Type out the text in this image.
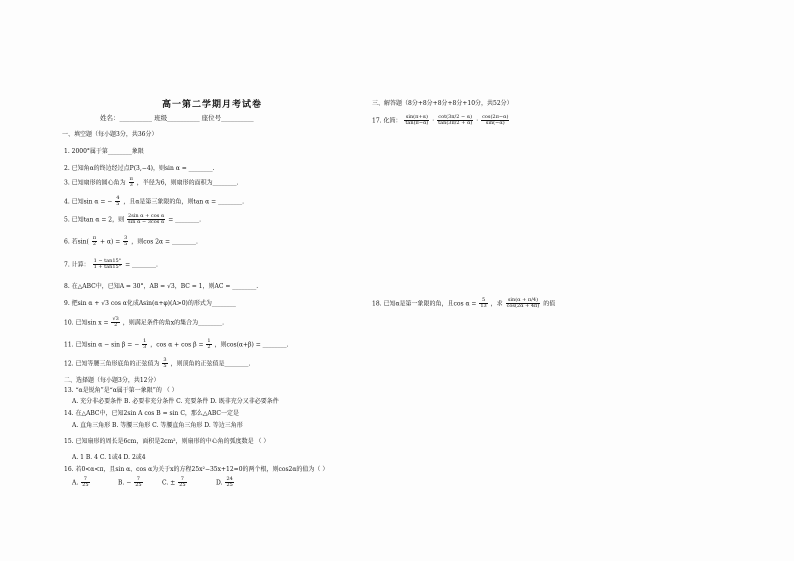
高一第二学期月考试卷
姓名：__________ 班级__________ 座位号__________
一、填空题（每小题3分，共36分）
1. 2000°属于第________象限
2. 已知角α的终边经过点P(3,−4)，则sin α = ________.
3. 已知扇形的圆心角为 $\frac{\pi}{3}$ ，半径为6，则扇形的面积为________.
4. 已知sin α = − $\frac{4}{5}$ ，且α是第三象限的角，则tan α = ________.
5. 已知tan α = 2，则 $\frac{\text{2sin α + cos α}}{\text{sin α − 3cos α}}$ = ________.
6. 若$\sin( \frac{\pi}{2} + \alpha) = \frac{3}{5}$ ，则cos 2α = ________.
7. 计算： $\frac{1 - \tan 15^\circ}{1 + \tan 15^\circ}$ = ________.
8. 在△ABC中，已知A = 30°，AB = √3，BC = 1，则AC = ________.
9. 把sin α + √3 cos α化成Asin(α+φ)(A>0)的形式为________
10. 已知$\sin x = \frac{√3}{2}$ ，则满足条件的角x的集合为________.
11. 已知sin α − sin β = − $\frac{1}{3}$ ，$\cos \alpha + \cos \beta = \frac{1}{2}$ ，则cos(α+β) = ________.
12. 已知等腰三角形底角的正弦值为 $\frac{3}{5}$ ，则顶角的正弦值是________.
二、选择题（每小题3分，共12分）
13. “α是锐角”是“α属于第一象限”的 （ ）
A. 充分非必要条件 B. 必要非充分条件 C. 充要条件 D. 既非充分又非必要条件
14. 在△ABC中，已知2sin A cos B = sin C，那么△ABC一定是
A. 直角三角形 B. 等腰三角形 C. 等腰直角三角形 D. 等边三角形
15. 已知扇形的周长是6cm，面积是2cm²，则扇形的中心角的弧度数是 （ ）
A. 1 B. 4 C. 1或4 D. 2或4
16. 若0<α<π，且sin α、cos α为关于x的方程25x²−35x+12=0的两个根，则cos2α的值为（ ）
A. $\frac{7}{25}$	B. − $\frac{7}{25}$	C. ± $\frac{7}{25}$	D. $\frac{24}{25}$
三、解答题（8分+8分+8分+8分+10分，共52分）
17. 化简： $\frac{\sin(\pi+\alpha)}{\tan(\pi-\alpha)} \cdot \frac{\cot(3\pi/2 - \alpha)}{\tan(3\pi/2 + \alpha)} \cdot \frac{\cos(2\pi-\alpha)}{\sin(-\alpha)}$
18. 已知α是第一象限的角，且$\cos \alpha = \frac{5}{13}$ ，求 $\frac{\sin(\alpha + \pi/4)}{\cos(2\alpha + 4\pi)}$ 的值
